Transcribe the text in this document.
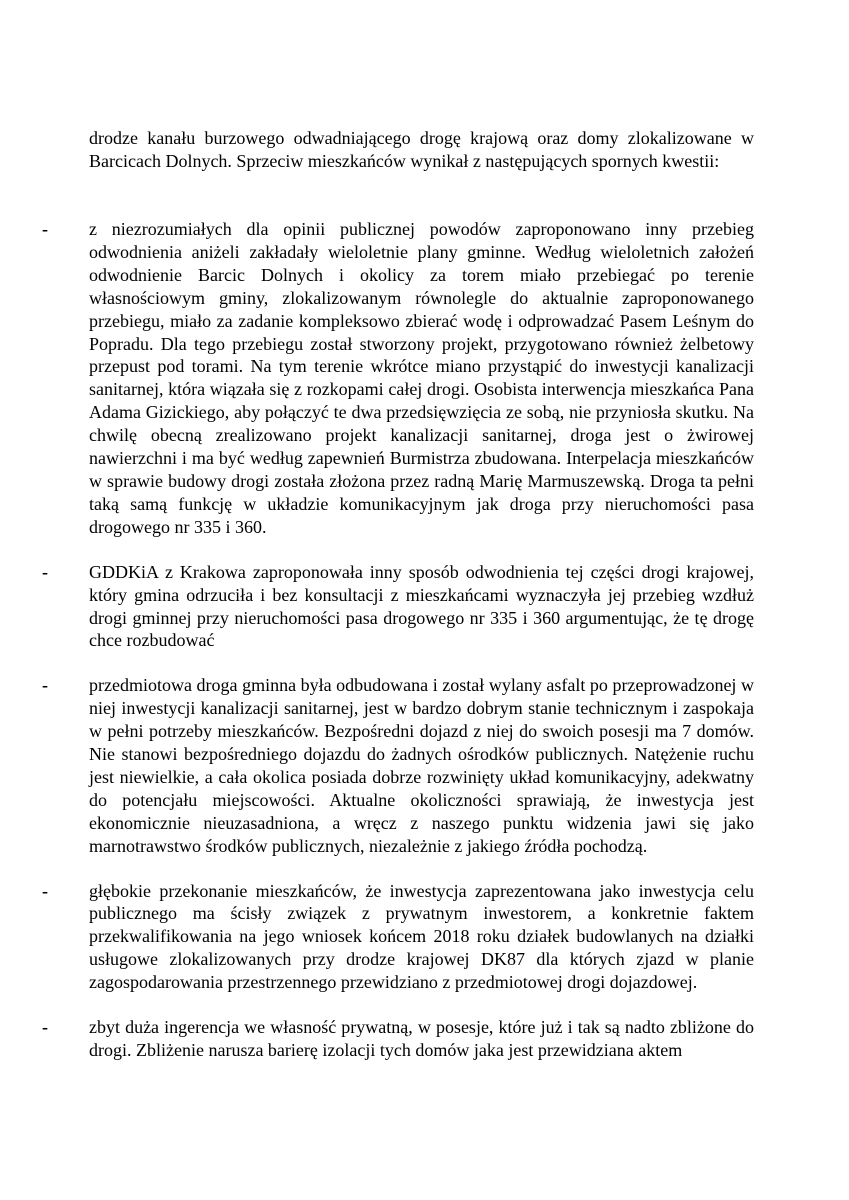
drodze kanału burzowego odwadniającego drogę krajową oraz domy zlokalizowane w Barcicach Dolnych. Sprzeciw mieszkańców wynikał z następujących spornych kwestii:
- z niezrozumiałych dla opinii publicznej powodów zaproponowano inny przebieg odwodnienia aniżeli zakładały wieloletnie plany gminne. Według wieloletnich założeń odwodnienie Barcic Dolnych i okolicy za torem miało przebiegać po terenie własnościowym gminy, zlokalizowanym równolegle do aktualnie zaproponowanego przebiegu, miało za zadanie kompleksowo zbierać wodę i odprowadzać Pasem Leśnym do Popradu. Dla tego przebiegu został stworzony projekt, przygotowano również żelbetowy przepust pod torami. Na tym terenie wkrótce miano przystąpić do inwestycji kanalizacji sanitarnej, która wiązała się z rozkopami całej drogi. Osobista interwencja mieszkańca Pana Adama Gizickiego, aby połączyć te dwa przedsięwzięcia ze sobą, nie przyniosła skutku. Na chwilę obecną zrealizowano projekt kanalizacji sanitarnej, droga jest o żwirowej nawierzchni i ma być według zapewnień Burmistrza zbudowana. Interpelacja mieszkańców w sprawie budowy drogi została złożona przez radną Marię Marmuszewską. Droga ta pełni taką samą funkcję w układzie komunikacyjnym jak droga przy nieruchomości pasa drogowego nr 335 i 360.
- GDDKiA z Krakowa zaproponowała inny sposób odwodnienia tej części drogi krajowej, który gmina odrzuciła i bez konsultacji z mieszkańcami wyznaczyła jej przebieg wzdłuż drogi gminnej przy nieruchomości pasa drogowego nr 335 i 360 argumentując, że tę drogę chce rozbudować
- przedmiotowa droga gminna była odbudowana i został wylany asfalt po przeprowadzonej w niej inwestycji kanalizacji sanitarnej, jest w bardzo dobrym stanie technicznym i zaspokaja w pełni potrzeby mieszkańców. Bezpośredni dojazd z niej do swoich posesji ma 7 domów. Nie stanowi bezpośredniego dojazdu do żadnych ośrodków publicznych. Natężenie ruchu jest niewielkie, a cała okolica posiada dobrze rozwinięty układ komunikacyjny, adekwatny do potencjału miejscowości. Aktualne okoliczności sprawiają, że inwestycja jest ekonomicznie nieuzasadniona, a wręcz z naszego punktu widzenia jawi się jako marnotrawstwo środków publicznych, niezależnie z jakiego źródła pochodzą.
- głębokie przekonanie mieszkańców, że inwestycja zaprezentowana jako inwestycja celu publicznego ma ścisły związek z prywatnym inwestorem, a konkretnie faktem przekwalifikowania na jego wniosek końcem 2018 roku działek budowlanych na działki usługowe zlokalizowanych przy drodze krajowej DK87 dla których zjazd w planie zagospodarowania przestrzennego przewidziano z przedmiotowej drogi dojazdowej.
- zbyt duża ingerencja we własność prywatną, w posesje, które już i tak są nadto zbliżone do drogi. Zbliżenie narusza barierę izolacji tych domów jaka jest przewidziana aktem
